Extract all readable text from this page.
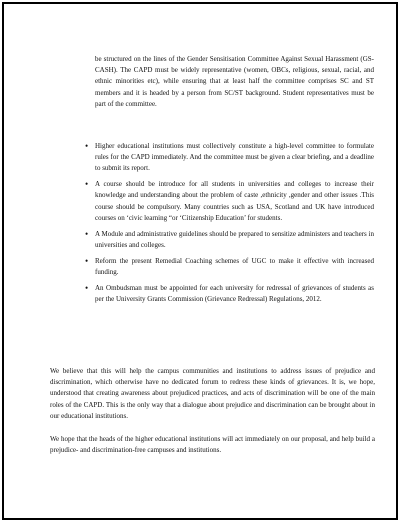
be structured on the lines of the Gender Sensitisation Committee Against Sexual Harassment (GS-CASH). The CAPD must be widely representative (women, OBCs, religious, sexual, racial, and ethnic minorities etc), while ensuring that at least half the committee comprises SC and ST members and it is headed by a person from SC/ST background. Student representatives must be part of the committee.

• Higher educational institutions must collectively constitute a high-level committee to formulate rules for the CAPD immediately. And the committee must be given a clear briefing, and a deadline to submit its report.
• A course should be introduce for all students in universities and colleges to increase their knowledge and understanding about the problem of caste ,ethnicity ,gender and other issues .This course should be compulsory. Many countries such as USA, Scotland and UK have introduced courses on ‘civic learning “or ‘Citizenship Education’ for students.
• A Module and administrative guidelines should be prepared to sensitize administers and teachers in universities and colleges.
• Reform the present Remedial Coaching schemes of UGC to make it effective with increased funding.
• An Ombudsman must be appointed for each university for redressal of grievances of students as per the University Grants Commission (Grievance Redressal) Regulations, 2012.

We believe that this will help the campus communities and institutions to address issues of prejudice and discrimination, which otherwise have no dedicated forum to redress these kinds of grievances. It is, we hope, understood that creating awareness about prejudiced practices, and acts of discrimination will be one of the main roles of the CAPD. This is the only way that a dialogue about prejudice and discrimination can be brought about in our educational institutions.

We hope that the heads of the higher educational institutions will act immediately on our proposal, and help build a prejudice- and discrimination-free campuses and institutions.
